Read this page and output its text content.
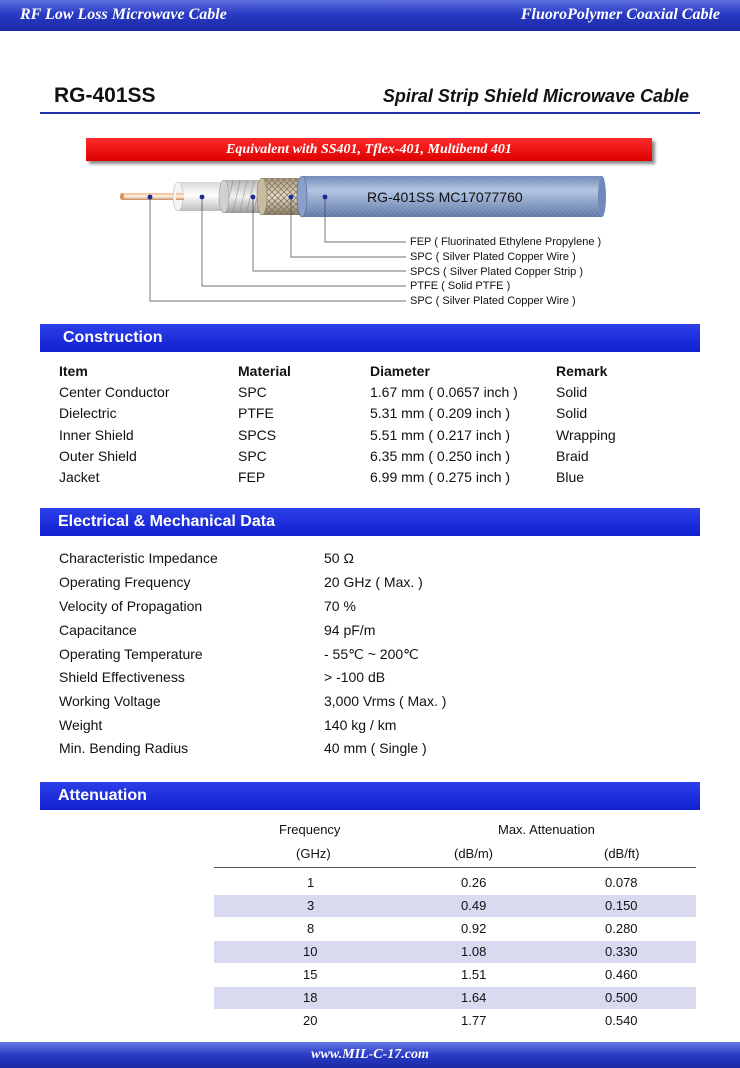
RF Low Loss Microwave Cable	FluoroPolymer Coaxial Cable
RG-401SS	Spiral Strip Shield Microwave Cable
Equivalent with SS401, Tflex-401, Multibend 401
RG-401SS MC17077760
FEP ( Fluorinated Ethylene Propylene )
SPC ( Silver Plated Copper Wire )
SPCS ( Silver Plated Copper Strip )
PTFE ( Solid PTFE )
SPC ( Silver Plated Copper Wire )
Construction
Item	Material	Diameter	Remark
Center Conductor	SPC	1.67 mm ( 0.0657 inch )	Solid
Dielectric	PTFE	5.31 mm ( 0.209 inch )	Solid
Inner Shield	SPCS	5.51 mm ( 0.217 inch )	Wrapping
Outer Shield	SPC	6.35 mm ( 0.250 inch )	Braid
Jacket	FEP	6.99 mm ( 0.275 inch )	Blue
Electrical & Mechanical Data
Characteristic Impedance	50 Ω
Operating Frequency	20 GHz ( Max. )
Velocity of Propagation	70 %
Capacitance	94 pF/m
Operating Temperature	- 55℃ ~ 200℃
Shield Effectiveness	> -100 dB
Working Voltage	3,000 Vrms ( Max. )
Weight	140 kg / km
Min. Bending Radius	40 mm ( Single )
Attenuation
Frequency	Max. Attenuation
(GHz)	(dB/m)	(dB/ft)
1	0.26	0.078
3	0.49	0.150
8	0.92	0.280
10	1.08	0.330
15	1.51	0.460
18	1.64	0.500
20	1.77	0.540
www.MIL-C-17.com
